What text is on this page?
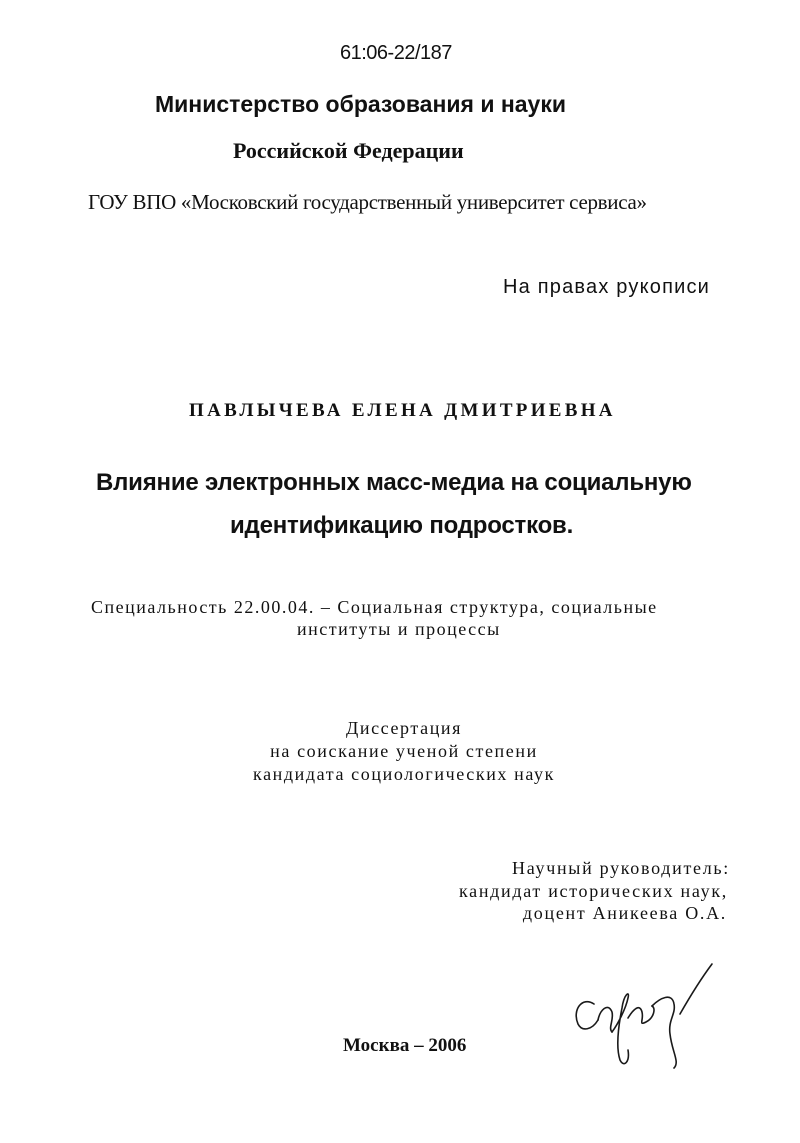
61:06-22/187
Министерство образования и науки
Российской Федерации
ГОУ ВПО «Московский государственный университет сервиса»
На правах рукописи
ПАВЛЫЧЕВА ЕЛЕНА ДМИТРИЕВНА
Влияние электронных масс-медиа на социальную
идентификацию подростков.
Специальность 22.00.04. – Социальная структура, социальные
институты и процессы
Диссертация
на соискание ученой степени
кандидата социологических наук
Научный руководитель:
кандидат исторических наук,
доцент Аникеева О.А.
Москва – 2006
